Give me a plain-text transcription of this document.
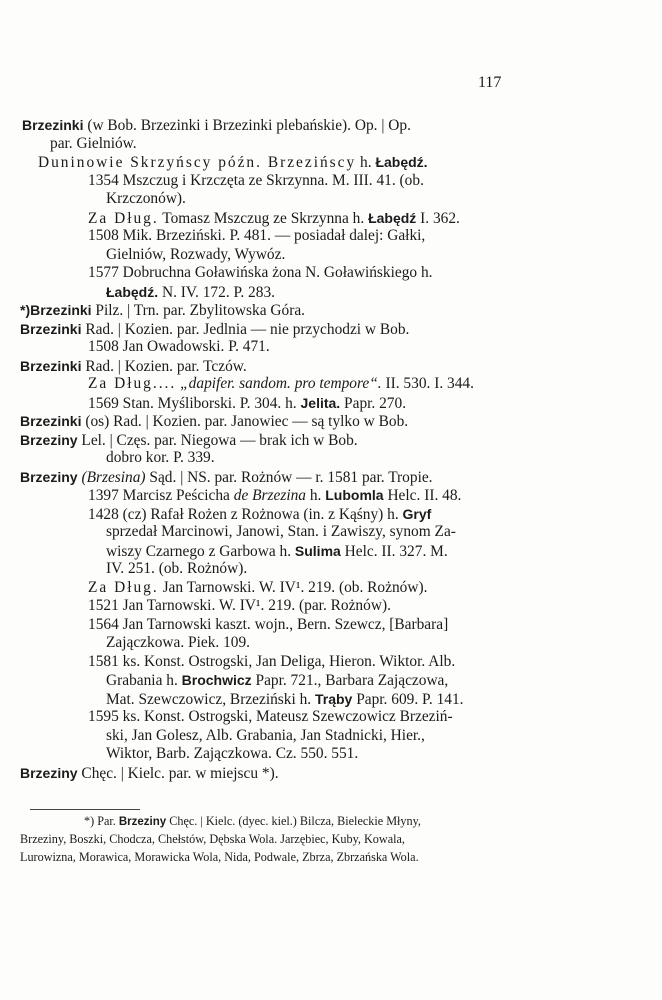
117
Brzezinki (w Bob. Brzezinki i Brzezinki plebańskie). Op. | Op.
par. Gielniów.
Duninowie Skrzyńscy późn. Brzezińscy h. Łabędź.
1354 Mszczug i Krzczęta ze Skrzynna. M. III. 41. (ob.
Krzczonów).
Za Dług. Tomasz Mszczug ze Skrzynna h. Łabędź I. 362.
1508 Mik. Brzeziński. P. 481. — posiadał dalej: Gałki,
Gielniów, Rozwady, Wywóz.
1577 Dobruchna Goławińska żona N. Goławińskiego h.
Łabędź. N. IV. 172. P. 283.
*)Brzezinki Pilz. | Trn. par. Zbylitowska Góra.
Brzezinki Rad. | Kozien. par. Jedlnia — nie przychodzi w Bob.
1508 Jan Owadowski. P. 471.
Brzezinki Rad. | Kozien. par. Tczów.
Za Dług.... „dapifer. sandom. pro tempore“. II. 530. I. 344.
1569 Stan. Myśliborski. P. 304. h. Jelita. Papr. 270.
Brzezinki (os) Rad. | Kozien. par. Janowiec — są tylko w Bob.
Brzeziny Lel. | Częs. par. Niegowa — brak ich w Bob.
dobro kor. P. 339.
Brzeziny (Brzesina) Sąd. | NS. par. Rożnów — r. 1581 par. Tropie.
1397 Marcisz Peścicha de Brzezina h. Lubomla Helc. II. 48.
1428 (cz) Rafał Rożen z Rożnowa (in. z Kąśny) h. Gryf
sprzedał Marcinowi, Janowi, Stan. i Zawiszy, synom Za-
wiszy Czarnego z Garbowa h. Sulima Helc. II. 327. M.
IV. 251. (ob. Rożnów).
Za Dług. Jan Tarnowski. W. IV¹. 219. (ob. Rożnów).
1521 Jan Tarnowski. W. IV¹. 219. (par. Rożnów).
1564 Jan Tarnowski kaszt. wojn., Bern. Szewcz, [Barbara]
Zajączkowa. Piek. 109.
1581 ks. Konst. Ostrogski, Jan Deliga, Hieron. Wiktor. Alb.
Grabania h. Brochwicz Papr. 721., Barbara Zajączowa,
Mat. Szewczowicz, Brzeziński h. Trąby Papr. 609. P. 141.
1595 ks. Konst. Ostrogski, Mateusz Szewczowicz Brzeziń-
ski, Jan Golesz, Alb. Grabania, Jan Stadnicki, Hier.,
Wiktor, Barb. Zajączkowa. Cz. 550. 551.
Brzeziny Chęc. | Kielc. par. w miejscu *).
*) Par. Brzeziny Chęc. | Kielc. (dyec. kiel.) Bilcza, Bieleckie Młyny,
Brzeziny, Boszki, Chodcza, Chełstów, Dębska Wola. Jarzębiec, Kuby, Kowala,
Lurowizna, Morawica, Morawicka Wola, Nida, Podwale, Zbrza, Zbrzańska Wola.
